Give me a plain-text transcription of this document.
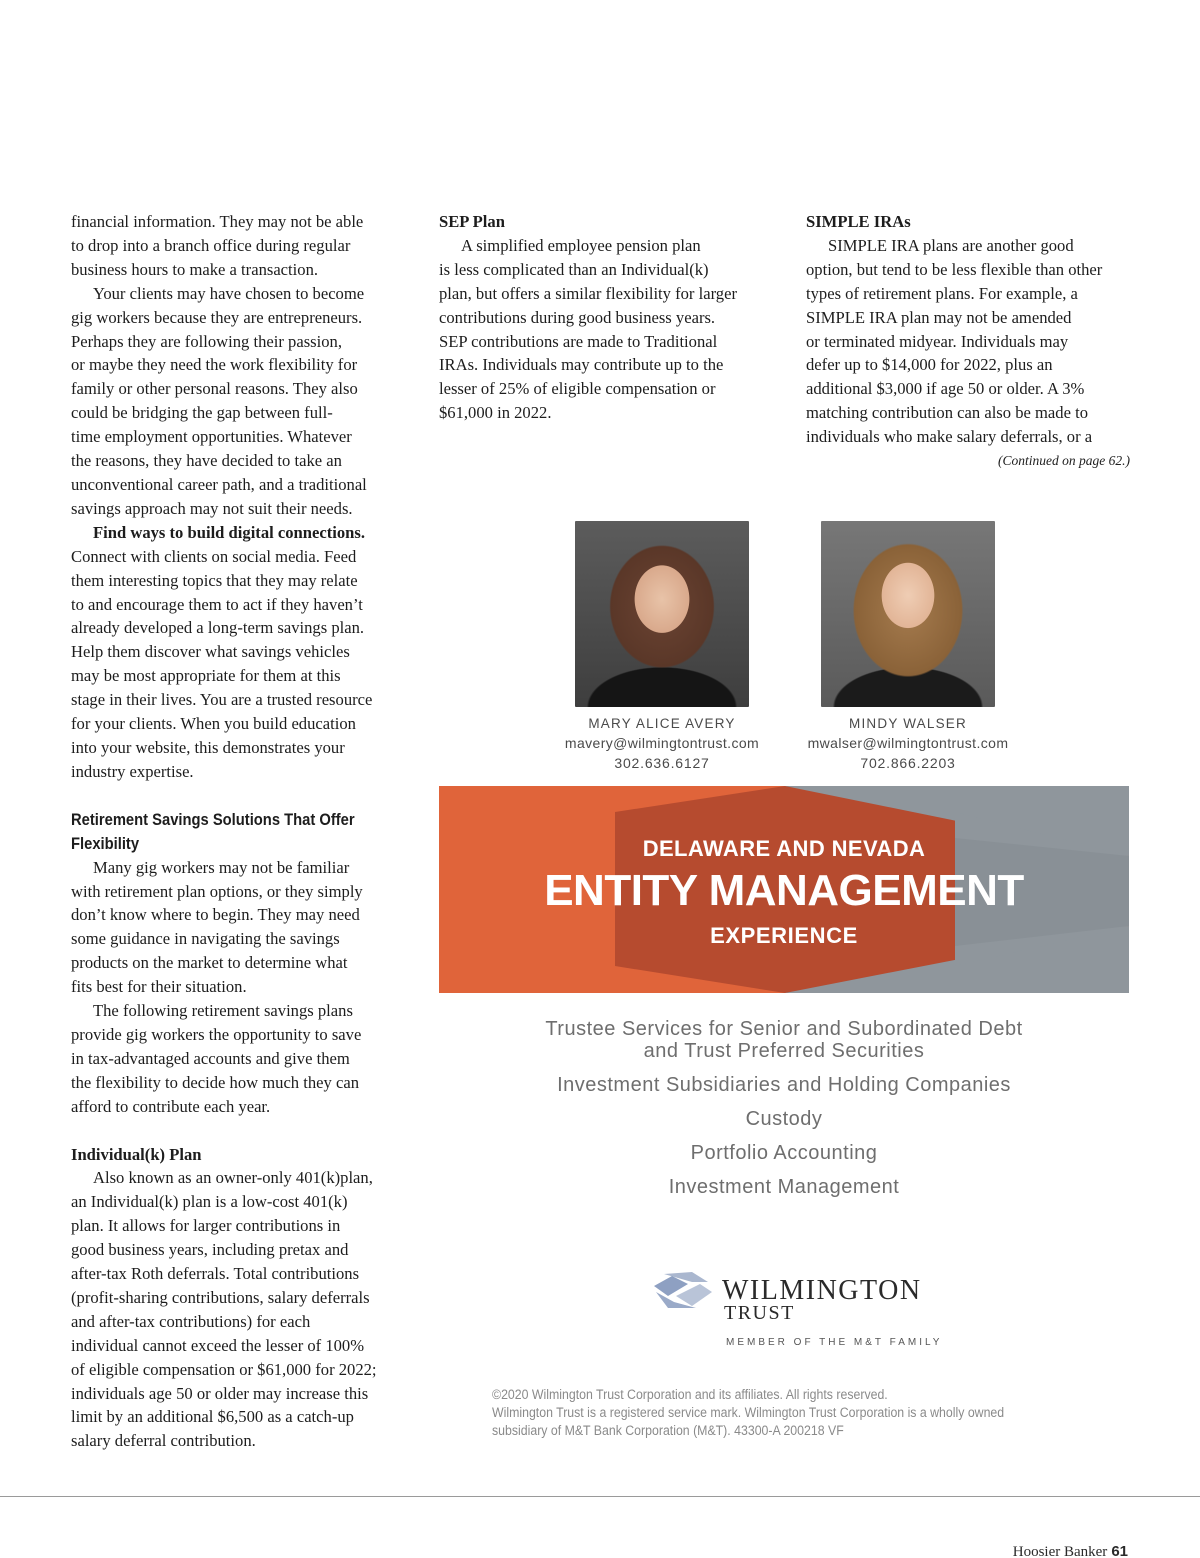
financial information. They may not be able
to drop into a branch office during regular
business hours to make a transaction.

Your clients may have chosen to become
gig workers because they are entrepreneurs.
Perhaps they are following their passion,
or maybe they need the work flexibility for
family or other personal reasons. They also
could be bridging the gap between full-
time employment opportunities. Whatever
the reasons, they have decided to take an
unconventional career path, and a traditional
savings approach may not suit their needs.

Find ways to build digital connections.
Connect with clients on social media. Feed
them interesting topics that they may relate
to and encourage them to act if they haven’t
already developed a long-term savings plan.
Help them discover what savings vehicles
may be most appropriate for them at this
stage in their lives. You are a trusted resource
for your clients. When you build education
into your website, this demonstrates your
industry expertise.

Retirement Savings Solutions That Offer
Flexibility

Many gig workers may not be familiar
with retirement plan options, or they simply
don’t know where to begin. They may need
some guidance in navigating the savings
products on the market to determine what
fits best for their situation.

The following retirement savings plans
provide gig workers the opportunity to save
in tax-advantaged accounts and give them
the flexibility to decide how much they can
afford to contribute each year.

Individual(k) Plan

Also known as an owner-only 401(k)plan,
an Individual(k) plan is a low-cost 401(k)
plan. It allows for larger contributions in
good business years, including pretax and
after-tax Roth deferrals. Total contributions
(profit-sharing contributions, salary deferrals
and after-tax contributions) for each
individual cannot exceed the lesser of 100%
of eligible compensation or $61,000 for 2022;
individuals age 50 or older may increase this
limit by an additional $6,500 as a catch-up
salary deferral contribution.

SEP Plan

A simplified employee pension plan
is less complicated than an Individual(k)
plan, but offers a similar flexibility for larger
contributions during good business years.
SEP contributions are made to Traditional
IRAs. Individuals may contribute up to the
lesser of 25% of eligible compensation or
$61,000 in 2022.

SIMPLE IRAs

SIMPLE IRA plans are another good
option, but tend to be less flexible than other
types of retirement plans. For example, a
SIMPLE IRA plan may not be amended
or terminated midyear. Individuals may
defer up to $14,000 for 2022, plus an
additional $3,000 if age 50 or older. A 3%
matching contribution can also be made to
individuals who make salary deferrals, or a

(Continued on page 62.)

MARY ALICE AVERY
mavery@wilmingtontrust.com
302.636.6127
MINDY WALSER
mwalser@wilmingtontrust.com
702.866.2203
DELAWARE AND NEVADA
ENTITY MANAGEMENT
EXPERIENCE
Trustee Services for Senior and Subordinated Debt
and Trust Preferred Securities
Investment Subsidiaries and Holding Companies
Custody
Portfolio Accounting
Investment Management
WILMINGTON
TRUST
MEMBER OF THE M&T FAMILY
©2020 Wilmington Trust Corporation and its affiliates. All rights reserved.
Wilmington Trust is a registered service mark. Wilmington Trust Corporation is a wholly owned
subsidiary of M&T Bank Corporation (M&T). 43300-A 200218 VF
Hoosier Banker 61
